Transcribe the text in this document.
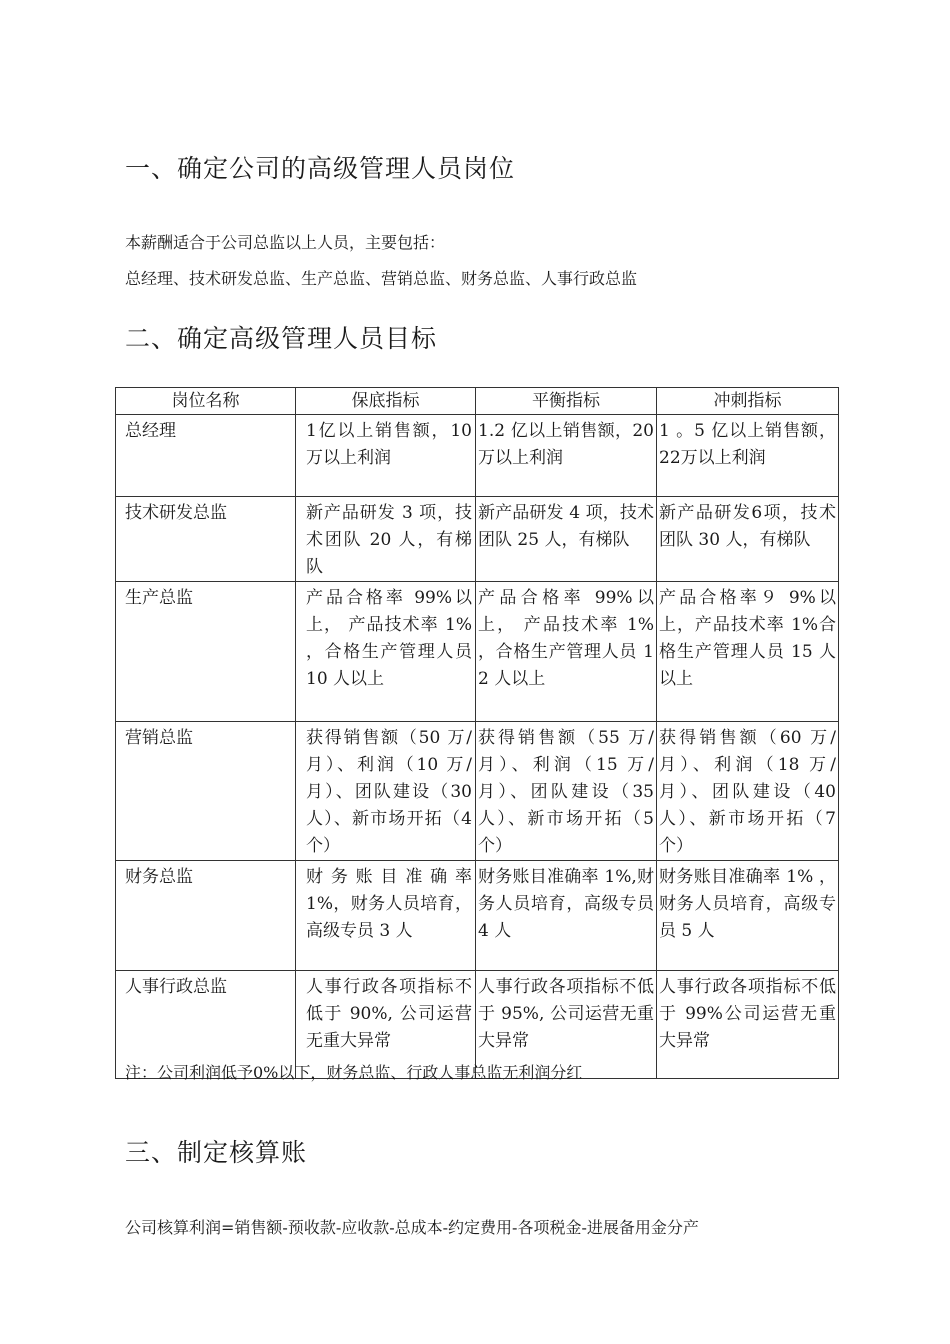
一、确定公司的高级管理人员岗位

本薪酬适合于公司总监以上人员，主要包括：

总经理、技术研发总监、生产总监、营销总监、财务总监、人事行政总监

二、确定高级管理人员目标
岗位名称	保底指标	平衡指标	冲刺指标
总经理	1亿以上销售额，10万以上利润	1.2 亿以上销售额，20万以上利润	1 。5 亿以上销售额，22万以上利润
技术研发总监	新产品研发 3 项，技术团队 20 人，有梯队	新产品研发 4 项，技术团队 25 人，有梯队	新产品研发6项，技术团队 30 人，有梯队
生产总监	产品合格率 99%以上， 产品技术率 1% ，合格生产管理人员 10 人以上	产品合格率 99%以上， 产品技术率 1% ，合格生产管理人员 12 人以上	产品合格率９ 9%以上，产品技术率 1%合格生产管理人员 15 人以上
营销总监	获得销售额（50 万/月）、利润（10 万/月）、团队建设（30 人）、新市场开拓（4 个）	获得销售额（55 万/月）、利润（15 万/月）、团队建设（35 人）、新市场开拓（5 个）	获得销售额（60 万/月）、利润（18 万/月）、团队建设（40 人）、新市场开拓（7 个）
财务总监	财务账目准确率 1%，财务人员培育，高级专员 3 人	财务账目准确率 1%,财务人员培育，高级专员 4 人	财务账目准确率 1% ，财务人员培育，高级专员 5 人
人事行政总监	人事行政各项指标不低于 90%, 公司运营无重大异常	人事行政各项指标不低于 95%, 公司运营无重大异常	人事行政各项指标不低于 99%公司运营无重大异常

注：公司利润低予0%以下，财务总监、行政人事总监无利润分红

三、制定核算账

公司核算利润=销售额-预收款-应收款-总成本-约定费用-各项税金-进展备用金分产
